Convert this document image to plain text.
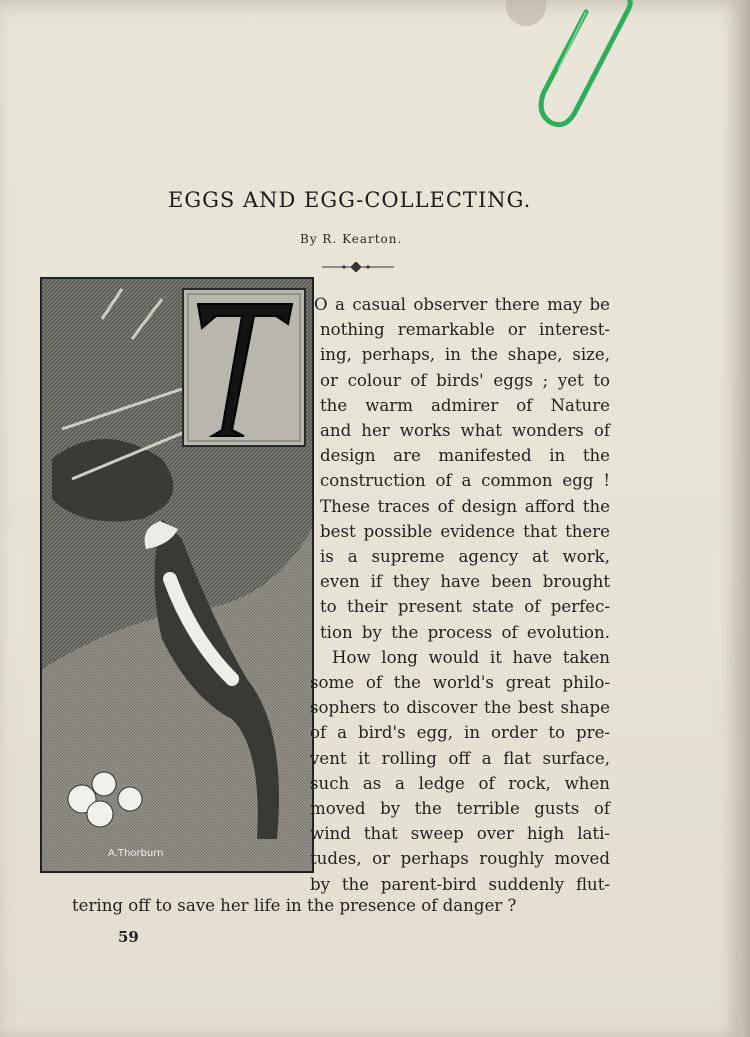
EGGS AND EGG-COLLECTING.
By R. Kearton.
A.Thorburn
O a casual observer there may be
nothing remarkable or interest-
ing, perhaps, in the shape, size,
or colour of birds' eggs ; yet to
the warm admirer of Nature
and her works what wonders of
design are manifested in the
construction of a common egg !
These traces of design afford the
best possible evidence that there
is a supreme agency at work,
even if they have been brought
to their present state of perfec-
tion by the process of evolution.
How long would it have taken
some of the world's great philo-
sophers to discover the best shape
of a bird's egg, in order to pre-
vent it rolling off a flat surface,
such as a ledge of rock, when
moved by the terrible gusts of
wind that sweep over high lati-
tudes, or perhaps roughly moved
by the parent-bird suddenly flut-
tering off to save her life in the presence of danger ?
59
